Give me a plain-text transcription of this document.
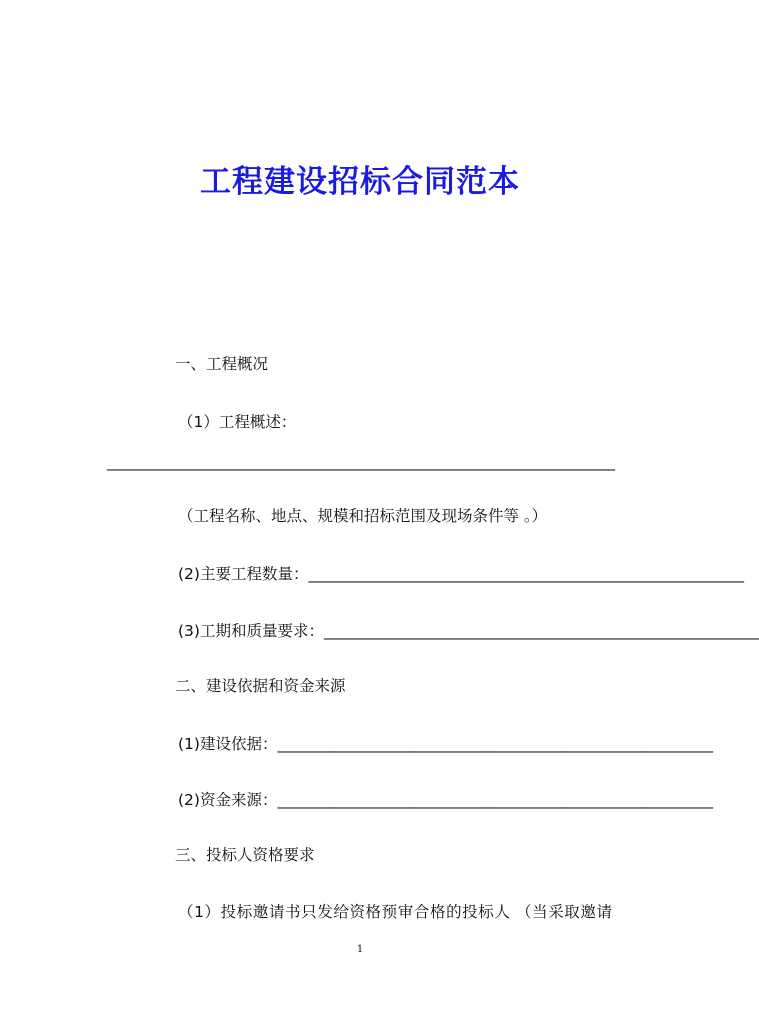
工程建设招标合同范本
一、工程概况
（1）工程概述：
______________________________________________________________________
（工程名称、地点、规模和招标范围及现场条件等 。）
(2)主要工程数量： ____________________________________________________________
(3)工期和质量要求： ____________________________________________________________
二、建设依据和资金来源
(1)建设依据： ____________________________________________________________
(2)资金来源： ____________________________________________________________
三、投标人资格要求
（1）投标邀请书只发给资格预审合格的投标人 （当采取邀请
1
